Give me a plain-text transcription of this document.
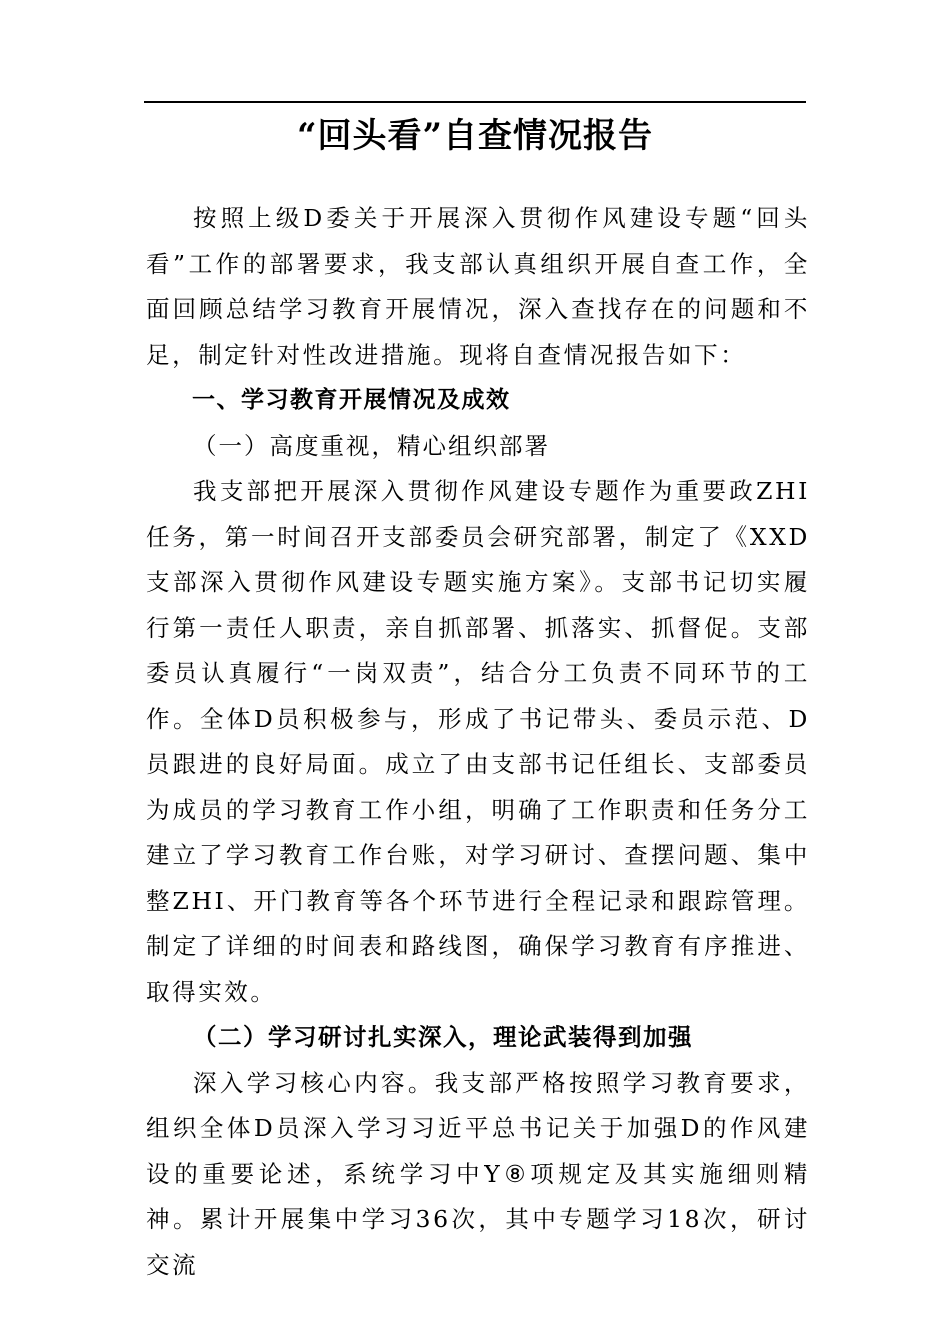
“回头看”自查情况报告

按照上级D委关于开展深入贯彻作风建设专题“回头看”工作的部署要求，我支部认真组织开展自查工作，全面回顾总结学习教育开展情况，深入查找存在的问题和不足，制定针对性改进措施。现将自查情况报告如下：

一、学习教育开展情况及成效

（一）高度重视，精心组织部署

我支部把开展深入贯彻作风建设专题作为重要政ZHI任务，第一时间召开支部委员会研究部署，制定了《XXD支部深入贯彻作风建设专题实施方案》。支部书记切实履行第一责任人职责，亲自抓部署、抓落实、抓督促。支部委员认真履行“一岗双责”，结合分工负责不同环节的工作。全体D员积极参与，形成了书记带头、委员示范、D员跟进的良好局面。成立了由支部书记任组长、支部委员为成员的学习教育工作小组，明确了工作职责和任务分工建立了学习教育工作台账，对学习研讨、查摆问题、集中整ZHI、开门教育等各个环节进行全程记录和跟踪管理。制定了详细的时间表和路线图，确保学习教育有序推进、取得实效。

（二）学习研讨扎实深入，理论武装得到加强

深入学习核心内容。我支部严格按照学习教育要求，组织全体D员深入学习习近平总书记关于加强D的作风建设的重要论述，系统学习中Y⑧项规定及其实施细则精神。累计开展集中学习36次，其中专题学习18次，研讨交流
